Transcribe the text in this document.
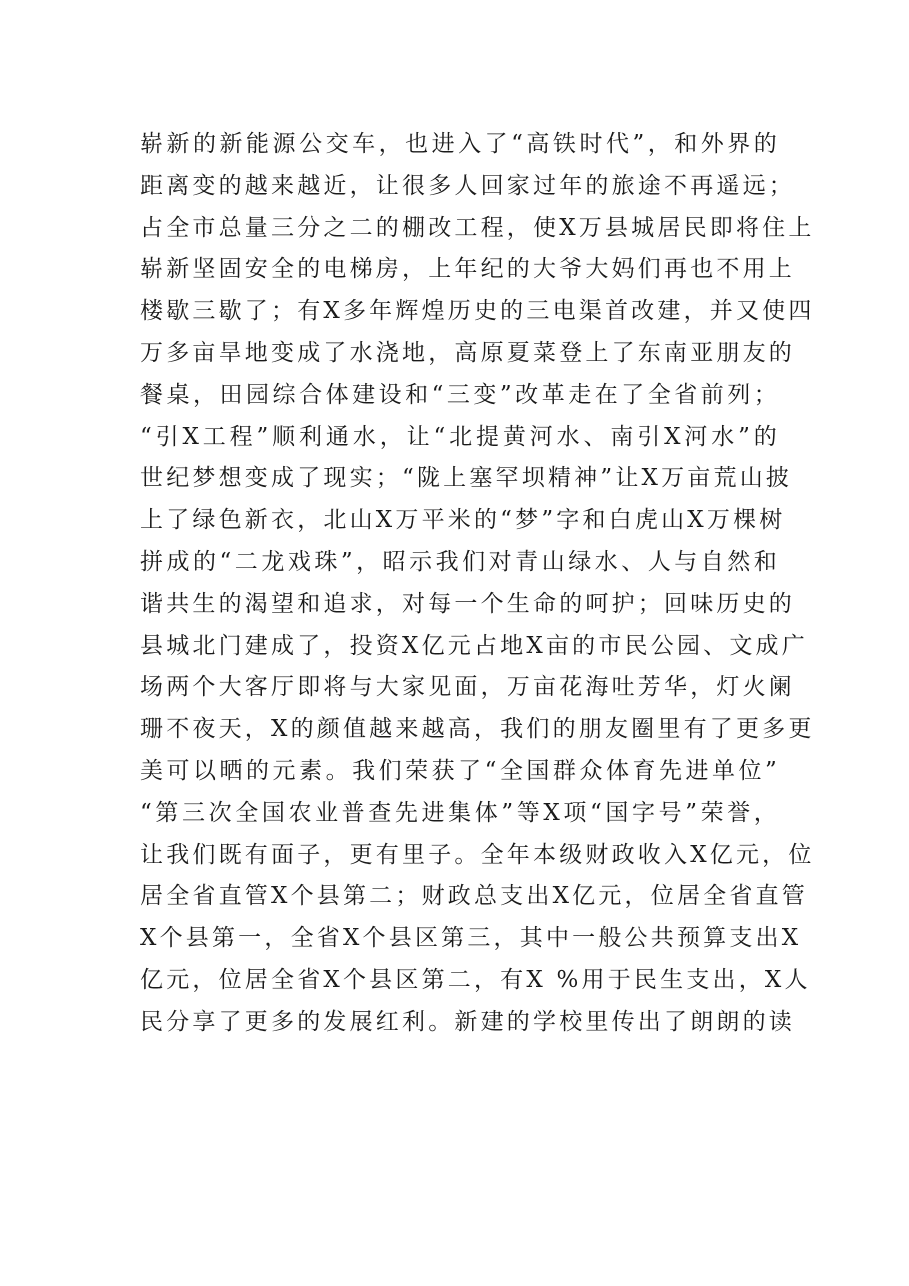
崭新的新能源公交车，也进入了“高铁时代”，和外界的
距离变的越来越近，让很多人回家过年的旅途不再遥远；
占全市总量三分之二的棚改工程，使X万县城居民即将住上
崭新坚固安全的电梯房，上年纪的大爷大妈们再也不用上
楼歇三歇了；有X多年辉煌历史的三电渠首改建，并又使四
万多亩旱地变成了水浇地，高原夏菜登上了东南亚朋友的
餐桌，田园综合体建设和“三变”改革走在了全省前列；
“引X工程”顺利通水，让“北提黄河水、南引X河水”的
世纪梦想变成了现实；“陇上塞罕坝精神”让X万亩荒山披
上了绿色新衣，北山X万平米的“梦”字和白虎山X万棵树
拼成的“二龙戏珠”，昭示我们对青山绿水、人与自然和
谐共生的渴望和追求，对每一个生命的呵护；回味历史的
县城北门建成了，投资X亿元占地X亩的市民公园、文成广
场两个大客厅即将与大家见面，万亩花海吐芳华，灯火阑
珊不夜天，X的颜值越来越高，我们的朋友圈里有了更多更
美可以晒的元素。我们荣获了“全国群众体育先进单位”
“第三次全国农业普查先进集体”等X项“国字号”荣誉，
让我们既有面子，更有里子。全年本级财政收入X亿元，位
居全省直管X个县第二；财政总支出X亿元，位居全省直管
X个县第一，全省X个县区第三，其中一般公共预算支出X
亿元，位居全省X个县区第二，有X %用于民生支出，X人
民分享了更多的发展红利。新建的学校里传出了朗朗的读
